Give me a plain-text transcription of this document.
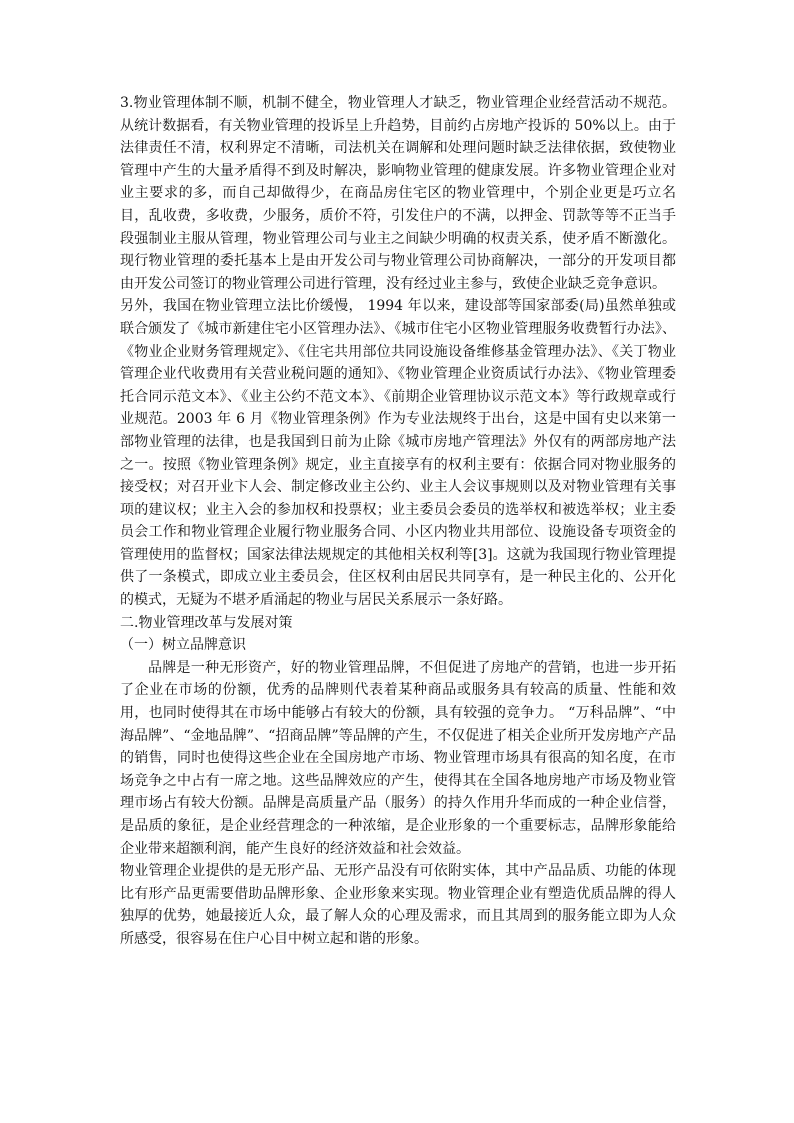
3.物业管理体制不顺，机制不健全，物业管理人才缺乏，物业管理企业经营活动不规范。从统计数据看，有关物业管理的投诉呈上升趋势，目前约占房地产投诉的 50%以上。由于法律责任不清，权利界定不清晰，司法机关在调解和处理问题时缺乏法律依据，致使物业管理中产生的大量矛盾得不到及时解决，影响物业管理的健康发展。许多物业管理企业对业主要求的多，而自己却做得少，在商品房住宅区的物业管理中，个别企业更是巧立名目，乱收费，多收费，少服务，质价不符，引发住户的不满，以押金、罚款等等不正当手段强制业主服从管理，物业管理公司与业主之间缺少明确的权责关系，使矛盾不断激化。现行物业管理的委托基本上是由开发公司与物业管理公司协商解决，一部分的开发项目都由开发公司签订的物业管理公司进行管理，没有经过业主参与，致使企业缺乏竞争意识。

另外，我国在物业管理立法比价缓慢， 1994 年以来，建设部等国家部委(局)虽然单独或联合颁发了《城市新建住宅小区管理办法》、《城市住宅小区物业管理服务收费暂行办法》、《物业企业财务管理规定》、《住宅共用部位共同设施设备维修基金管理办法》、《关丁物业管理企业代收费用有关营业税问题的通知》、《物业管理企业资质试行办法》、《物业管理委托合同示范文本》、《业主公约不范文本》、《前期企业管理协议示范文本》等行政规章或行业规范。2003 年 6 月《物业管理条例》作为专业法规终于出台，这是中国有史以来第一部物业管理的法律，也是我国到日前为止除《城市房地产管理法》外仅有的两部房地产法之一。按照《物业管理条例》规定，业主直接享有的权利主要有：依据合同对物业服务的接受权；对召开业卞人会、制定修改业主公约、业主人会议事规则以及对物业管理有关事项的建议权；业主入会的参加权和投票权；业主委员会委员的选举权和被选举权；业主委员会工作和物业管理企业履行物业服务合同、小区内物业共用部位、设施设备专项资金的管理使用的监督权；国家法律法规规定的其他相关权利等[3]。这就为我国现行物业管理提供了一条模式，即成立业主委员会，住区权利由居民共同享有，是一种民主化的、公开化的模式，无疑为不堪矛盾涌起的物业与居民关系展示一条好路。

二.物业管理改革与发展对策

（一）树立品牌意识

品牌是一种无形资产，好的物业管理品牌，不但促进了房地产的营销，也进一步开拓了企业在市场的份额，优秀的品牌则代表着某种商品或服务具有较高的质量、性能和效用，也同时使得其在市场中能够占有较大的份额，具有较强的竞争力。 “万科品牌”、“中海品牌”、“金地品牌”、“招商品牌”等品牌的产生，不仅促进了相关企业所开发房地产产品的销售，同时也使得这些企业在全国房地产市场、物业管理市场具有很高的知名度，在市场竞争之中占有一席之地。这些品牌效应的产生，使得其在全国各地房地产市场及物业管理市场占有较大份额。品牌是高质量产品（服务）的持久作用升华而成的一种企业信誉，是品质的象征，是企业经营理念的一种浓缩，是企业形象的一个重要标志，品牌形象能给企业带来超额利润，能产生良好的经济效益和社会效益。

物业管理企业提供的是无形产品、无形产品没有可依附实体，其中产品品质、功能的体现比有形产品更需要借助品牌形象、企业形象来实现。物业管理企业有塑造优质品牌的得人独厚的优势，她最接近人众，最了解人众的心理及需求，而且其周到的服务能立即为人众所感受，很容易在住户心目中树立起和谐的形象。
